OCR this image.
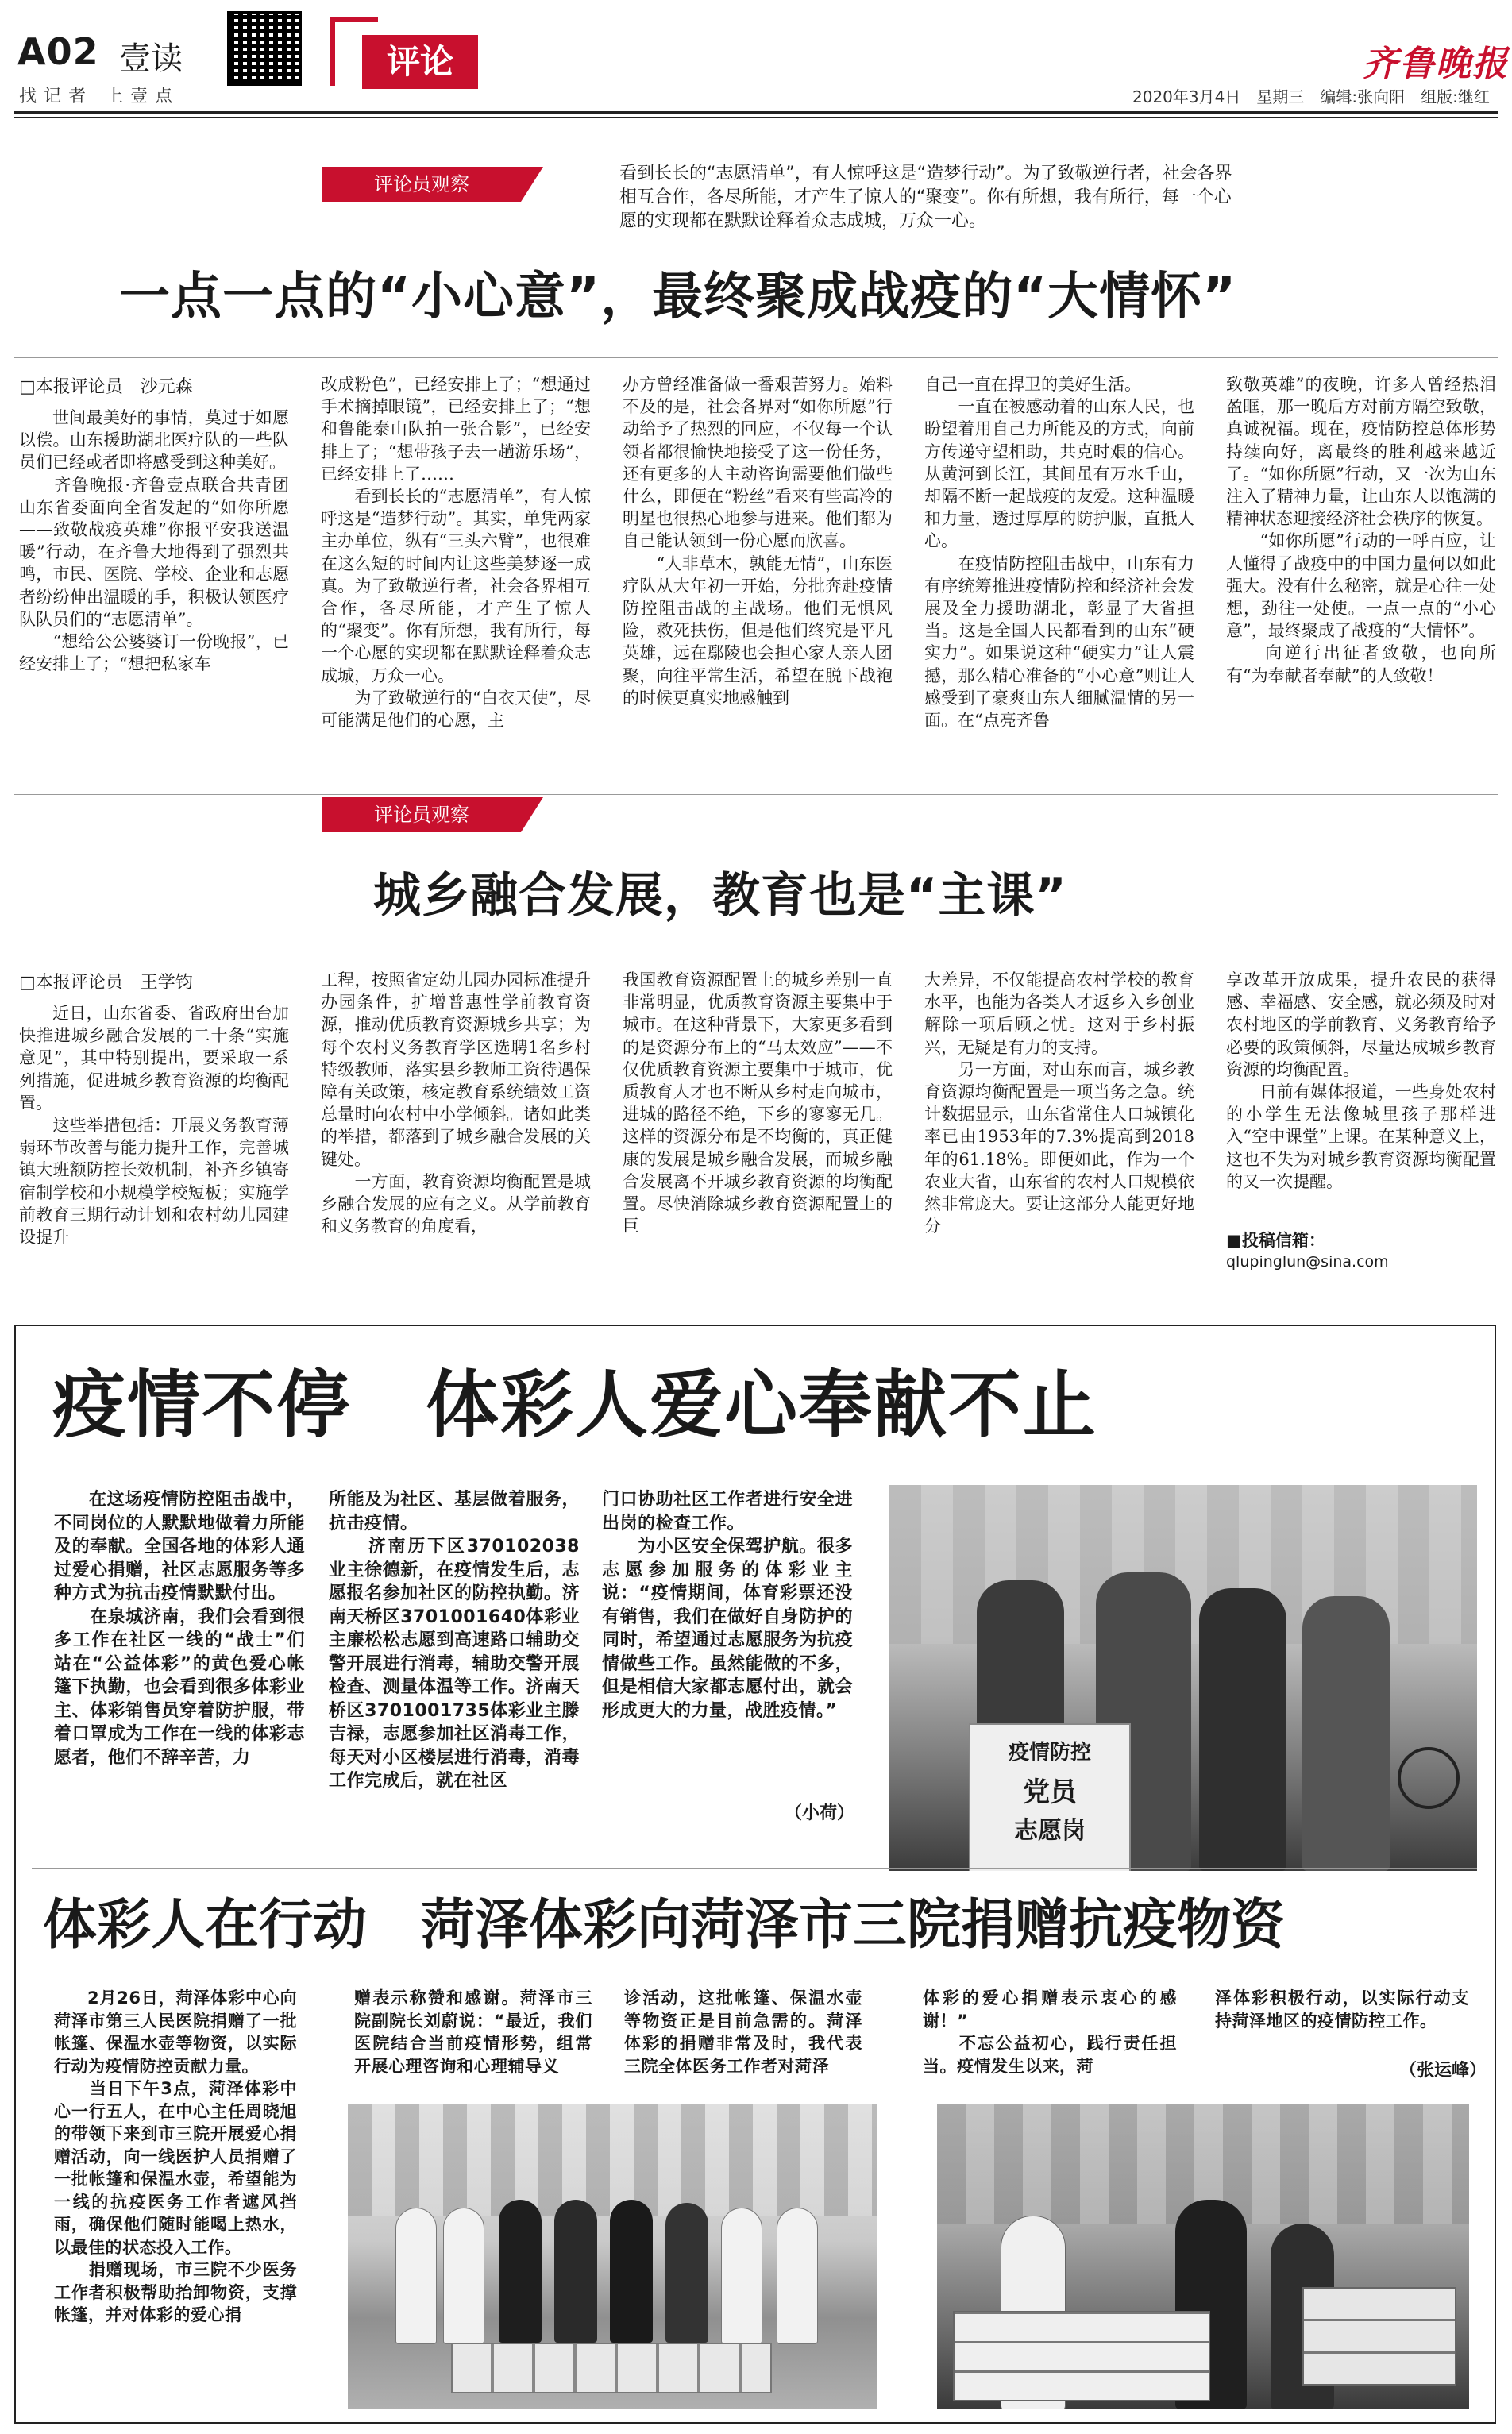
A02 壹读
找记者 上壹点
评论	齐鲁晚报
2020年3月4日　星期三　编辑:张向阳　组版:继红
评论员观察	看到长长的“志愿清单”，有人惊呼这是“造梦行动”。为了致敬逆行者，社会各界相互合作，各尽所能，才产生了惊人的“聚变”。你有所想，我有所行，每一个心愿的实现都在默默诠释着众志成城，万众一心。
一点一点的“小心意”，最终聚成战疫的“大情怀”
□本报评论员　沙元森
世间最美好的事情，莫过于如愿以偿。山东援助湖北医疗队的一些队员们已经或者即将感受到这种美好。
　　齐鲁晚报·齐鲁壹点联合共青团山东省委面向全省发起的“如你所愿——致敬战疫英雄”你报平安我送温暖”行动，在齐鲁大地得到了强烈共鸣，市民、医院、学校、企业和志愿者纷纷伸出温暖的手，积极认领医疗队队员们的“志愿清单”。
　　“想给公公婆婆订一份晚报”，已经安排上了；“想把私家车
改成粉色”，已经安排上了；“想通过手术摘掉眼镜”，已经安排上了；“想和鲁能泰山队拍一张合影”，已经安排上了；“想带孩子去一趟游乐场”，已经安排上了……
　　看到长长的“志愿清单”，有人惊呼这是“造梦行动”。其实，单凭两家主办单位，纵有“三头六臂”，也很难在这么短的时间内让这些美梦逐一成真。为了致敬逆行者，社会各界相互合作，各尽所能，才产生了惊人的“聚变”。你有所想，我有所行，每一个心愿的实现都在默默诠释着众志成城，万众一心。
　　为了致敬逆行的“白衣天使”，尽可能满足他们的心愿，主
办方曾经准备做一番艰苦努力。始料不及的是，社会各界对“如你所愿”行动给予了热烈的回应，不仅每一个认领者都很愉快地接受了这一份任务，还有更多的人主动咨询需要他们做些什么，即便在“粉丝”看来有些高冷的明星也很热心地参与进来。他们都为自己能认领到一份心愿而欣喜。
　　“人非草木，孰能无情”，山东医疗队从大年初一开始，分批奔赴疫情防控阻击战的主战场。他们无惧风险，救死扶伤，但是他们终究是平凡英雄，远在鄢陵也会担心家人亲人团聚，向往平常生活，希望在脱下战袍的时候更真实地感触到
自己一直在捍卫的美好生活。
　　一直在被感动着的山东人民，也盼望着用自己力所能及的方式，向前方传递守望相助，共克时艰的信心。从黄河到长江，其间虽有万水千山，却隔不断一起战疫的友爱。这种温暖和力量，透过厚厚的防护服，直抵人心。
　　在疫情防控阻击战中，山东有力有序统筹推进疫情防控和经济社会发展及全力援助湖北，彰显了大省担当。这是全国人民都看到的山东“硬实力”。如果说这种“硬实力”让人震撼，那么精心准备的“小心意”则让人感受到了豪爽山东人细腻温情的另一面。在“点亮齐鲁
致敬英雄”的夜晚，许多人曾经热泪盈眶，那一晚后方对前方隔空致敬，真诚祝福。现在，疫情防控总体形势持续向好，离最终的胜利越来越近了。“如你所愿”行动，又一次为山东注入了精神力量，让山东人以饱满的精神状态迎接经济社会秩序的恢复。
　　“如你所愿”行动的一呼百应，让人懂得了战疫中的中国力量何以如此强大。没有什么秘密，就是心往一处想，劲往一处使。一点一点的“小心意”，最终聚成了战疫的“大情怀”。
　　向逆行出征者致敬，也向所有“为奉献者奉献”的人致敬！
评论员观察
城乡融合发展，教育也是“主课”
□本报评论员　王学钧
近日，山东省委、省政府出台加快推进城乡融合发展的二十条“实施意见”，其中特别提出，要采取一系列措施，促进城乡教育资源的均衡配置。
　　这些举措包括：开展义务教育薄弱环节改善与能力提升工作，完善城镇大班额防控长效机制，补齐乡镇寄宿制学校和小规模学校短板；实施学前教育三期行动计划和农村幼儿园建设提升
工程，按照省定幼儿园办园标准提升办园条件，扩增普惠性学前教育资源，推动优质教育资源城乡共享；为每个农村义务教育学区选聘1名乡村特级教师，落实县乡教师工资待遇保障有关政策，核定教育系统绩效工资总量时向农村中小学倾斜。诸如此类的举措，都落到了城乡融合发展的关键处。
　　一方面，教育资源均衡配置是城乡融合发展的应有之义。从学前教育和义务教育的角度看，
我国教育资源配置上的城乡差别一直非常明显，优质教育资源主要集中于城市。在这种背景下，大家更多看到的是资源分布上的“马太效应”——不仅优质教育资源主要集中于城市，优质教育人才也不断从乡村走向城市，进城的路径不绝，下乡的寥寥无几。这样的资源分布是不均衡的，真正健康的发展是城乡融合发展，而城乡融合发展离不开城乡教育资源的均衡配置。尽快消除城乡教育资源配置上的巨
大差异，不仅能提高农村学校的教育水平，也能为各类人才返乡入乡创业解除一项后顾之忧。这对于乡村振兴，无疑是有力的支持。
　　另一方面，对山东而言，城乡教育资源均衡配置是一项当务之急。统计数据显示，山东省常住人口城镇化率已由1953年的7.3%提高到2018年的61.18%。即便如此，作为一个农业大省，山东省的农村人口规模依然非常庞大。要让这部分人能更好地分
享改革开放成果，提升农民的获得感、幸福感、安全感，就必须及时对农村地区的学前教育、义务教育给予必要的政策倾斜，尽量达成城乡教育资源的均衡配置。
　　日前有媒体报道，一些身处农村的小学生无法像城里孩子那样进入“空中课堂”上课。在某种意义上，这也不失为对城乡教育资源均衡配置的又一次提醒。
■投稿信箱：
qlupinglun@sina.com
疫情不停　体彩人爱心奉献不止
在这场疫情防控阻击战中，不同岗位的人默默地做着力所能及的奉献。全国各地的体彩人通过爱心捐赠，社区志愿服务等多种方式为抗击疫情默默付出。
　　在泉城济南，我们会看到很多工作在社区一线的“战士”们站在“公益体彩”的黄色爱心帐篷下执勤，也会看到很多体彩业主、体彩销售员穿着防护服，带着口罩成为工作在一线的体彩志愿者，他们不辞辛苦，力
所能及为社区、基层做着服务，抗击疫情。
　　济南历下区370102038业主徐德新，在疫情发生后，志愿报名参加社区的防控执勤。济南天桥区3701001640体彩业主廉松松志愿到高速路口辅助交警开展进行消毒，辅助交警开展检查、测量体温等工作。济南天桥区3701001735体彩业主滕吉禄，志愿参加社区消毒工作，每天对小区楼层进行消毒，消毒工作完成后，就在社区
门口协助社区工作者进行安全进出岗的检查工作。
　　为小区安全保驾护航。很多志愿参加服务的体彩业主说：“疫情期间，体育彩票还没有销售，我们在做好自身防护的同时，希望通过志愿服务为抗疫情做些工作。虽然能做的不多，但是相信大家都志愿付出，就会形成更大的力量，战胜疫情。”
（小荷）
疫情防控
党员
志愿岗
体彩人在行动　菏泽体彩向菏泽市三院捐赠抗疫物资
2月26日，菏泽体彩中心向菏泽市第三人民医院捐赠了一批帐篷、保温水壶等物资，以实际行动为疫情防控贡献力量。
　　当日下午3点，菏泽体彩中心一行五人，在中心主任周晓旭的带领下来到市三院开展爱心捐赠活动，向一线医护人员捐赠了一批帐篷和保温水壶，希望能为一线的抗疫医务工作者遮风挡雨，确保他们随时能喝上热水，以最佳的状态投入工作。
　　捐赠现场，市三院不少医务工作者积极帮助抬卸物资，支撑帐篷，并对体彩的爱心捐
赠表示称赞和感谢。菏泽市三院副院长刘蔚说：“最近，我们医院结合当前疫情形势，组常开展心理咨询和心理辅导义
诊活动，这批帐篷、保温水壶等物资正是目前急需的。菏泽体彩的捐赠非常及时，我代表三院全体医务工作者对菏泽
体彩的爱心捐赠表示衷心的感谢！”
　　不忘公益初心，践行责任担当。疫情发生以来，菏
泽体彩积极行动，以实际行动支持菏泽地区的疫情防控工作。
（张运峰）
